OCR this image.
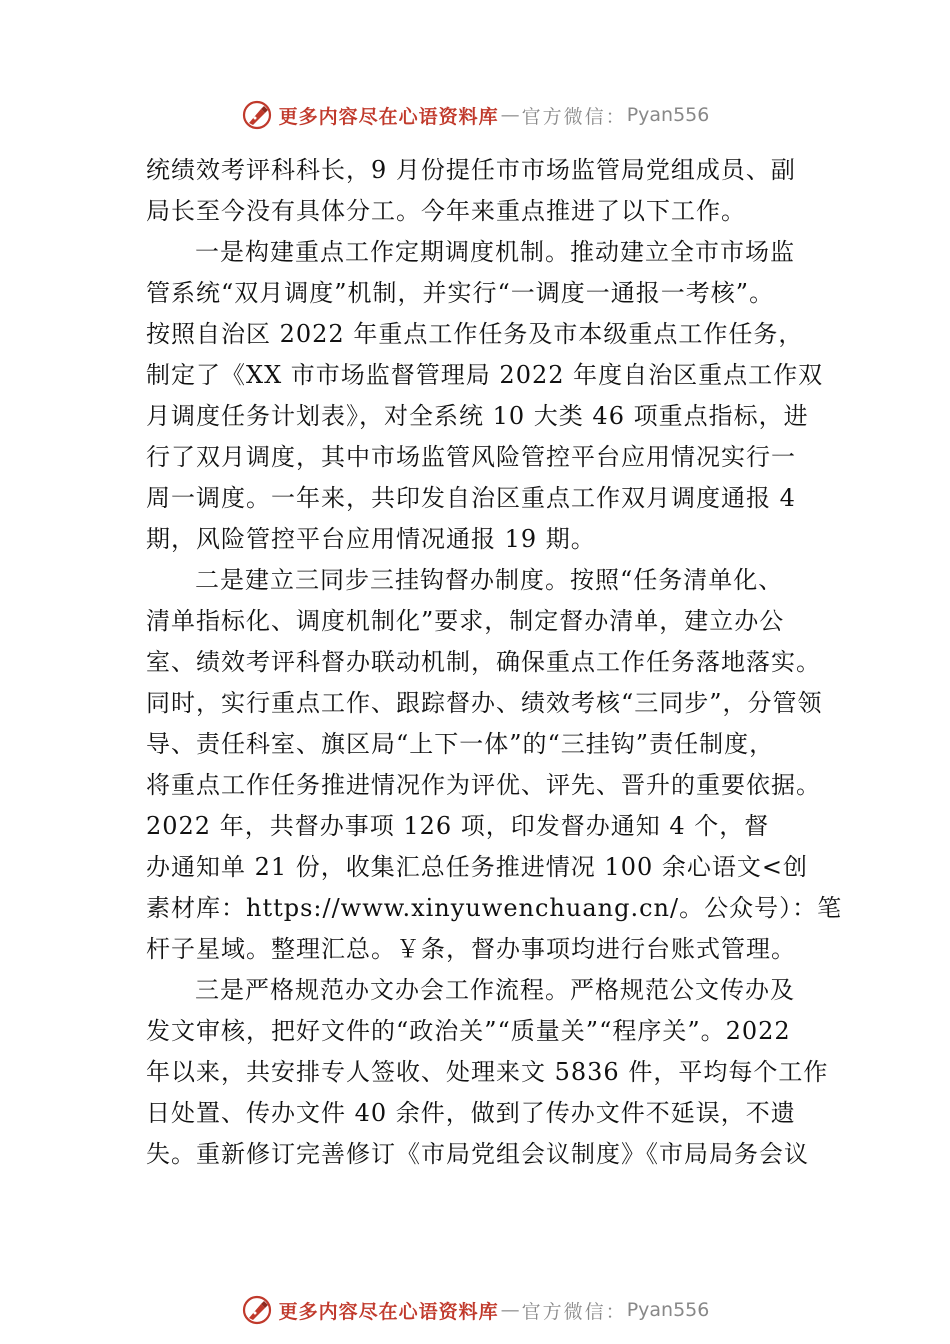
更多内容尽在心语资料库 — 官方微信： Pyan556
统绩效考评科科长，9 月份提任市市场监管局党组成员、副
局长至今没有具体分工。今年来重点推进了以下工作。
一是构建重点工作定期调度机制。推动建立全市市场监
管系统“双月调度”机制，并实行“一调度一通报一考核”。
按照自治区 2022 年重点工作任务及市本级重点工作任务，
制定了《XX 市市场监督管理局 2022 年度自治区重点工作双
月调度任务计划表》，对全系统 10 大类 46 项重点指标，进
行了双月调度，其中市场监管风险管控平台应用情况实行一
周一调度。一年来，共印发自治区重点工作双月调度通报 4
期，风险管控平台应用情况通报 19 期。
二是建立三同步三挂钩督办制度。按照“任务清单化、
清单指标化、调度机制化”要求，制定督办清单，建立办公
室、绩效考评科督办联动机制，确保重点工作任务落地落实。
同时，实行重点工作、跟踪督办、绩效考核“三同步”，分管领
导、责任科室、旗区局“上下一体”的“三挂钩”责任制度，
将重点工作任务推进情况作为评优、评先、晋升的重要依据。
2022 年，共督办事项 126 项，印发督办通知 4 个，督
办通知单 21 份，收集汇总任务推进情况 100 余心语文<创
素材库：https://www.xinyuwenchuang.cn/。公众号）：笔
杆子星域。整理汇总。￥条，督办事项均进行台账式管理。
三是严格规范办文办会工作流程。严格规范公文传办及
发文审核，把好文件的“政治关”“质量关”“程序关”。2022
年以来，共安排专人签收、处理来文 5836 件，平均每个工作
日处置、传办文件 40 余件，做到了传办文件不延误，不遗
失。重新修订完善修订《市局党组会议制度》《市局局务会议
更多内容尽在心语资料库 — 官方微信： Pyan556
